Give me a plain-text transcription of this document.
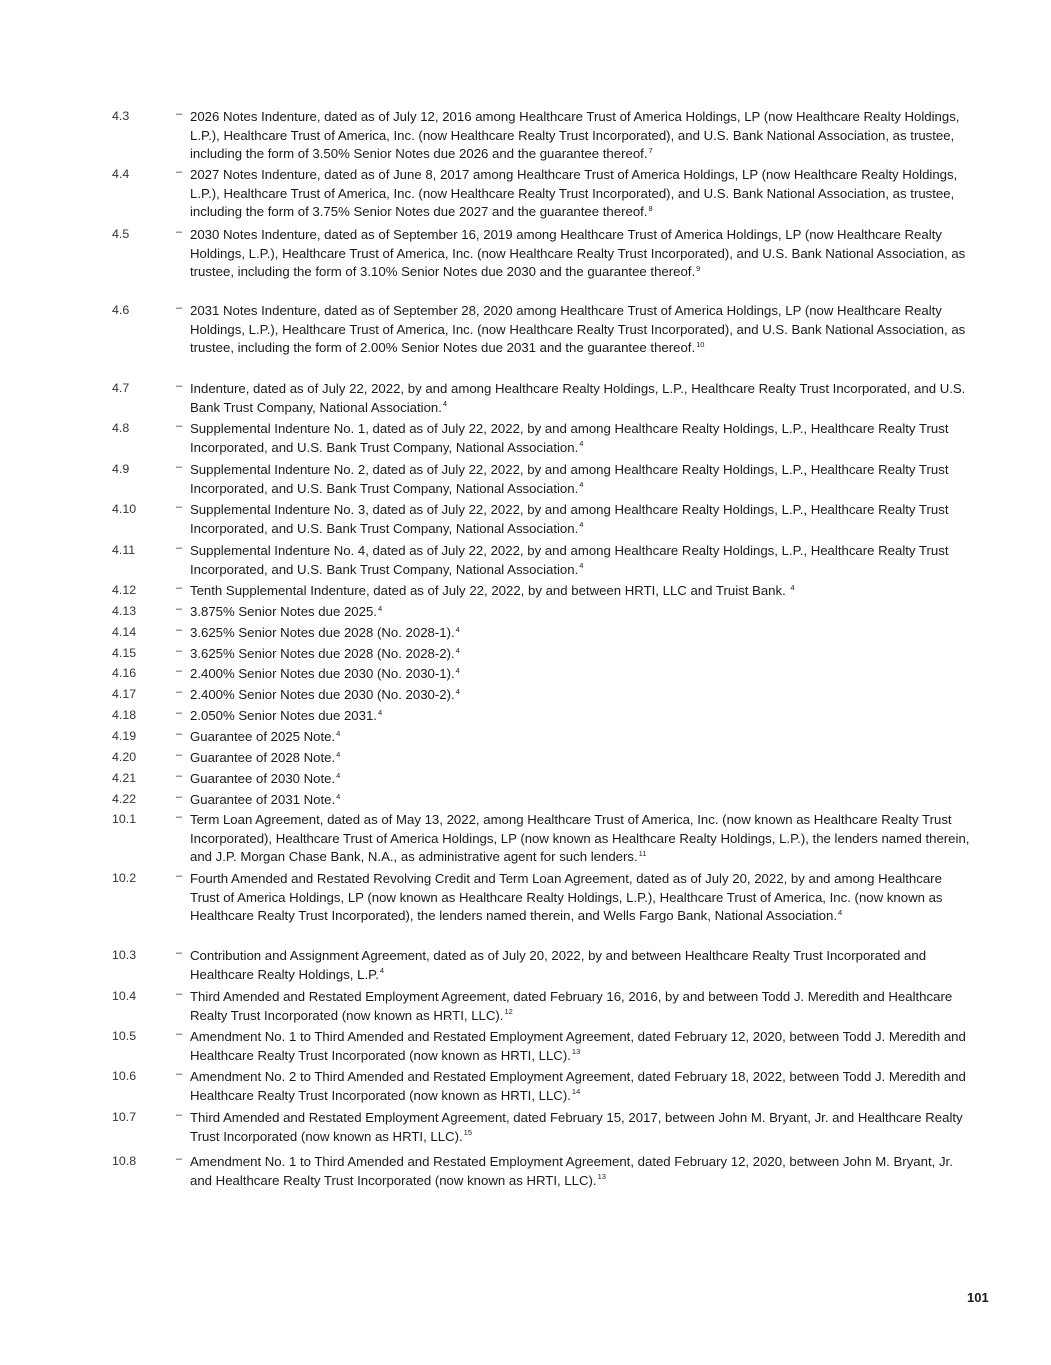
4.3	– 2026 Notes Indenture, dated as of July 12, 2016 among Healthcare Trust of America Holdings, LP (now Healthcare Realty Holdings, L.P.), Healthcare Trust of America, Inc. (now Healthcare Realty Trust Incorporated), and U.S. Bank National Association, as trustee, including the form of 3.50% Senior Notes due 2026 and the guarantee thereof.$^7$
4.4	– 2027 Notes Indenture, dated as of June 8, 2017 among Healthcare Trust of America Holdings, LP (now Healthcare Realty Holdings, L.P.), Healthcare Trust of America, Inc. (now Healthcare Realty Trust Incorporated), and U.S. Bank National Association, as trustee, including the form of 3.75% Senior Notes due 2027 and the guarantee thereof.$^8$
4.5	– 2030 Notes Indenture, dated as of September 16, 2019 among Healthcare Trust of America Holdings, LP (now Healthcare Realty Holdings, L.P.), Healthcare Trust of America, Inc. (now Healthcare Realty Trust Incorporated), and U.S. Bank National Association, as trustee, including the form of 3.10% Senior Notes due 2030 and the guarantee thereof.$^9$
4.6	– 2031 Notes Indenture, dated as of September 28, 2020 among Healthcare Trust of America Holdings, LP (now Healthcare Realty Holdings, L.P.), Healthcare Trust of America, Inc. (now Healthcare Realty Trust Incorporated), and U.S. Bank National Association, as trustee, including the form of 2.00% Senior Notes due 2031 and the guarantee thereof.$^{10}$
4.7	– Indenture, dated as of July 22, 2022, by and among Healthcare Realty Holdings, L.P., Healthcare Realty Trust Incorporated, and U.S. Bank Trust Company, National Association.$^4$
4.8	– Supplemental Indenture No. 1, dated as of July 22, 2022, by and among Healthcare Realty Holdings, L.P., Healthcare Realty Trust Incorporated, and U.S. Bank Trust Company, National Association.$^4$
4.9	– Supplemental Indenture No. 2, dated as of July 22, 2022, by and among Healthcare Realty Holdings, L.P., Healthcare Realty Trust Incorporated, and U.S. Bank Trust Company, National Association.$^4$
4.10	– Supplemental Indenture No. 3, dated as of July 22, 2022, by and among Healthcare Realty Holdings, L.P., Healthcare Realty Trust Incorporated, and U.S. Bank Trust Company, National Association.$^4$
4.11	– Supplemental Indenture No. 4, dated as of July 22, 2022, by and among Healthcare Realty Holdings, L.P., Healthcare Realty Trust Incorporated, and U.S. Bank Trust Company, National Association.$^4$
4.12	– Tenth Supplemental Indenture, dated as of July 22, 2022, by and between HRTI, LLC and Truist Bank. $^4$
4.13	– 3.875% Senior Notes due 2025.$^4$
4.14	– 3.625% Senior Notes due 2028 (No. 2028-1).$^4$
4.15	– 3.625% Senior Notes due 2028 (No. 2028-2).$^4$
4.16	– 2.400% Senior Notes due 2030 (No. 2030-1).$^4$
4.17	– 2.400% Senior Notes due 2030 (No. 2030-2).$^4$
4.18	– 2.050% Senior Notes due 2031.$^4$
4.19	– Guarantee of 2025 Note.$^4$
4.20	– Guarantee of 2028 Note.$^4$
4.21	– Guarantee of 2030 Note.$^4$
4.22	– Guarantee of 2031 Note.$^4$
10.1	– Term Loan Agreement, dated as of May 13, 2022, among Healthcare Trust of America, Inc. (now known as Healthcare Realty Trust Incorporated), Healthcare Trust of America Holdings, LP (now known as Healthcare Realty Holdings, L.P.), the lenders named therein, and J.P. Morgan Chase Bank, N.A., as administrative agent for such lenders.$^{11}$
10.2	– Fourth Amended and Restated Revolving Credit and Term Loan Agreement, dated as of July 20, 2022, by and among Healthcare Trust of America Holdings, LP (now known as Healthcare Realty Holdings, L.P.), Healthcare Trust of America, Inc. (now known as Healthcare Realty Trust Incorporated), the lenders named therein, and Wells Fargo Bank, National Association.$^4$
10.3	– Contribution and Assignment Agreement, dated as of July 20, 2022, by and between Healthcare Realty Trust Incorporated and Healthcare Realty Holdings, L.P.$^4$
10.4	– Third Amended and Restated Employment Agreement, dated February 16, 2016, by and between Todd J. Meredith and Healthcare Realty Trust Incorporated (now known as HRTI, LLC).$^{12}$
10.5	– Amendment No. 1 to Third Amended and Restated Employment Agreement, dated February 12, 2020, between Todd J. Meredith and Healthcare Realty Trust Incorporated (now known as HRTI, LLC).$^{13}$
10.6	– Amendment No. 2 to Third Amended and Restated Employment Agreement, dated February 18, 2022, between Todd J. Meredith and Healthcare Realty Trust Incorporated (now known as HRTI, LLC).$^{14}$
10.7	– Third Amended and Restated Employment Agreement, dated February 15, 2017, between John M. Bryant, Jr. and Healthcare Realty Trust Incorporated (now known as HRTI, LLC).$^{15}$
10.8	– Amendment No. 1 to Third Amended and Restated Employment Agreement, dated February 12, 2020, between John M. Bryant, Jr. and Healthcare Realty Trust Incorporated (now known as HRTI, LLC).$^{13}$
101
